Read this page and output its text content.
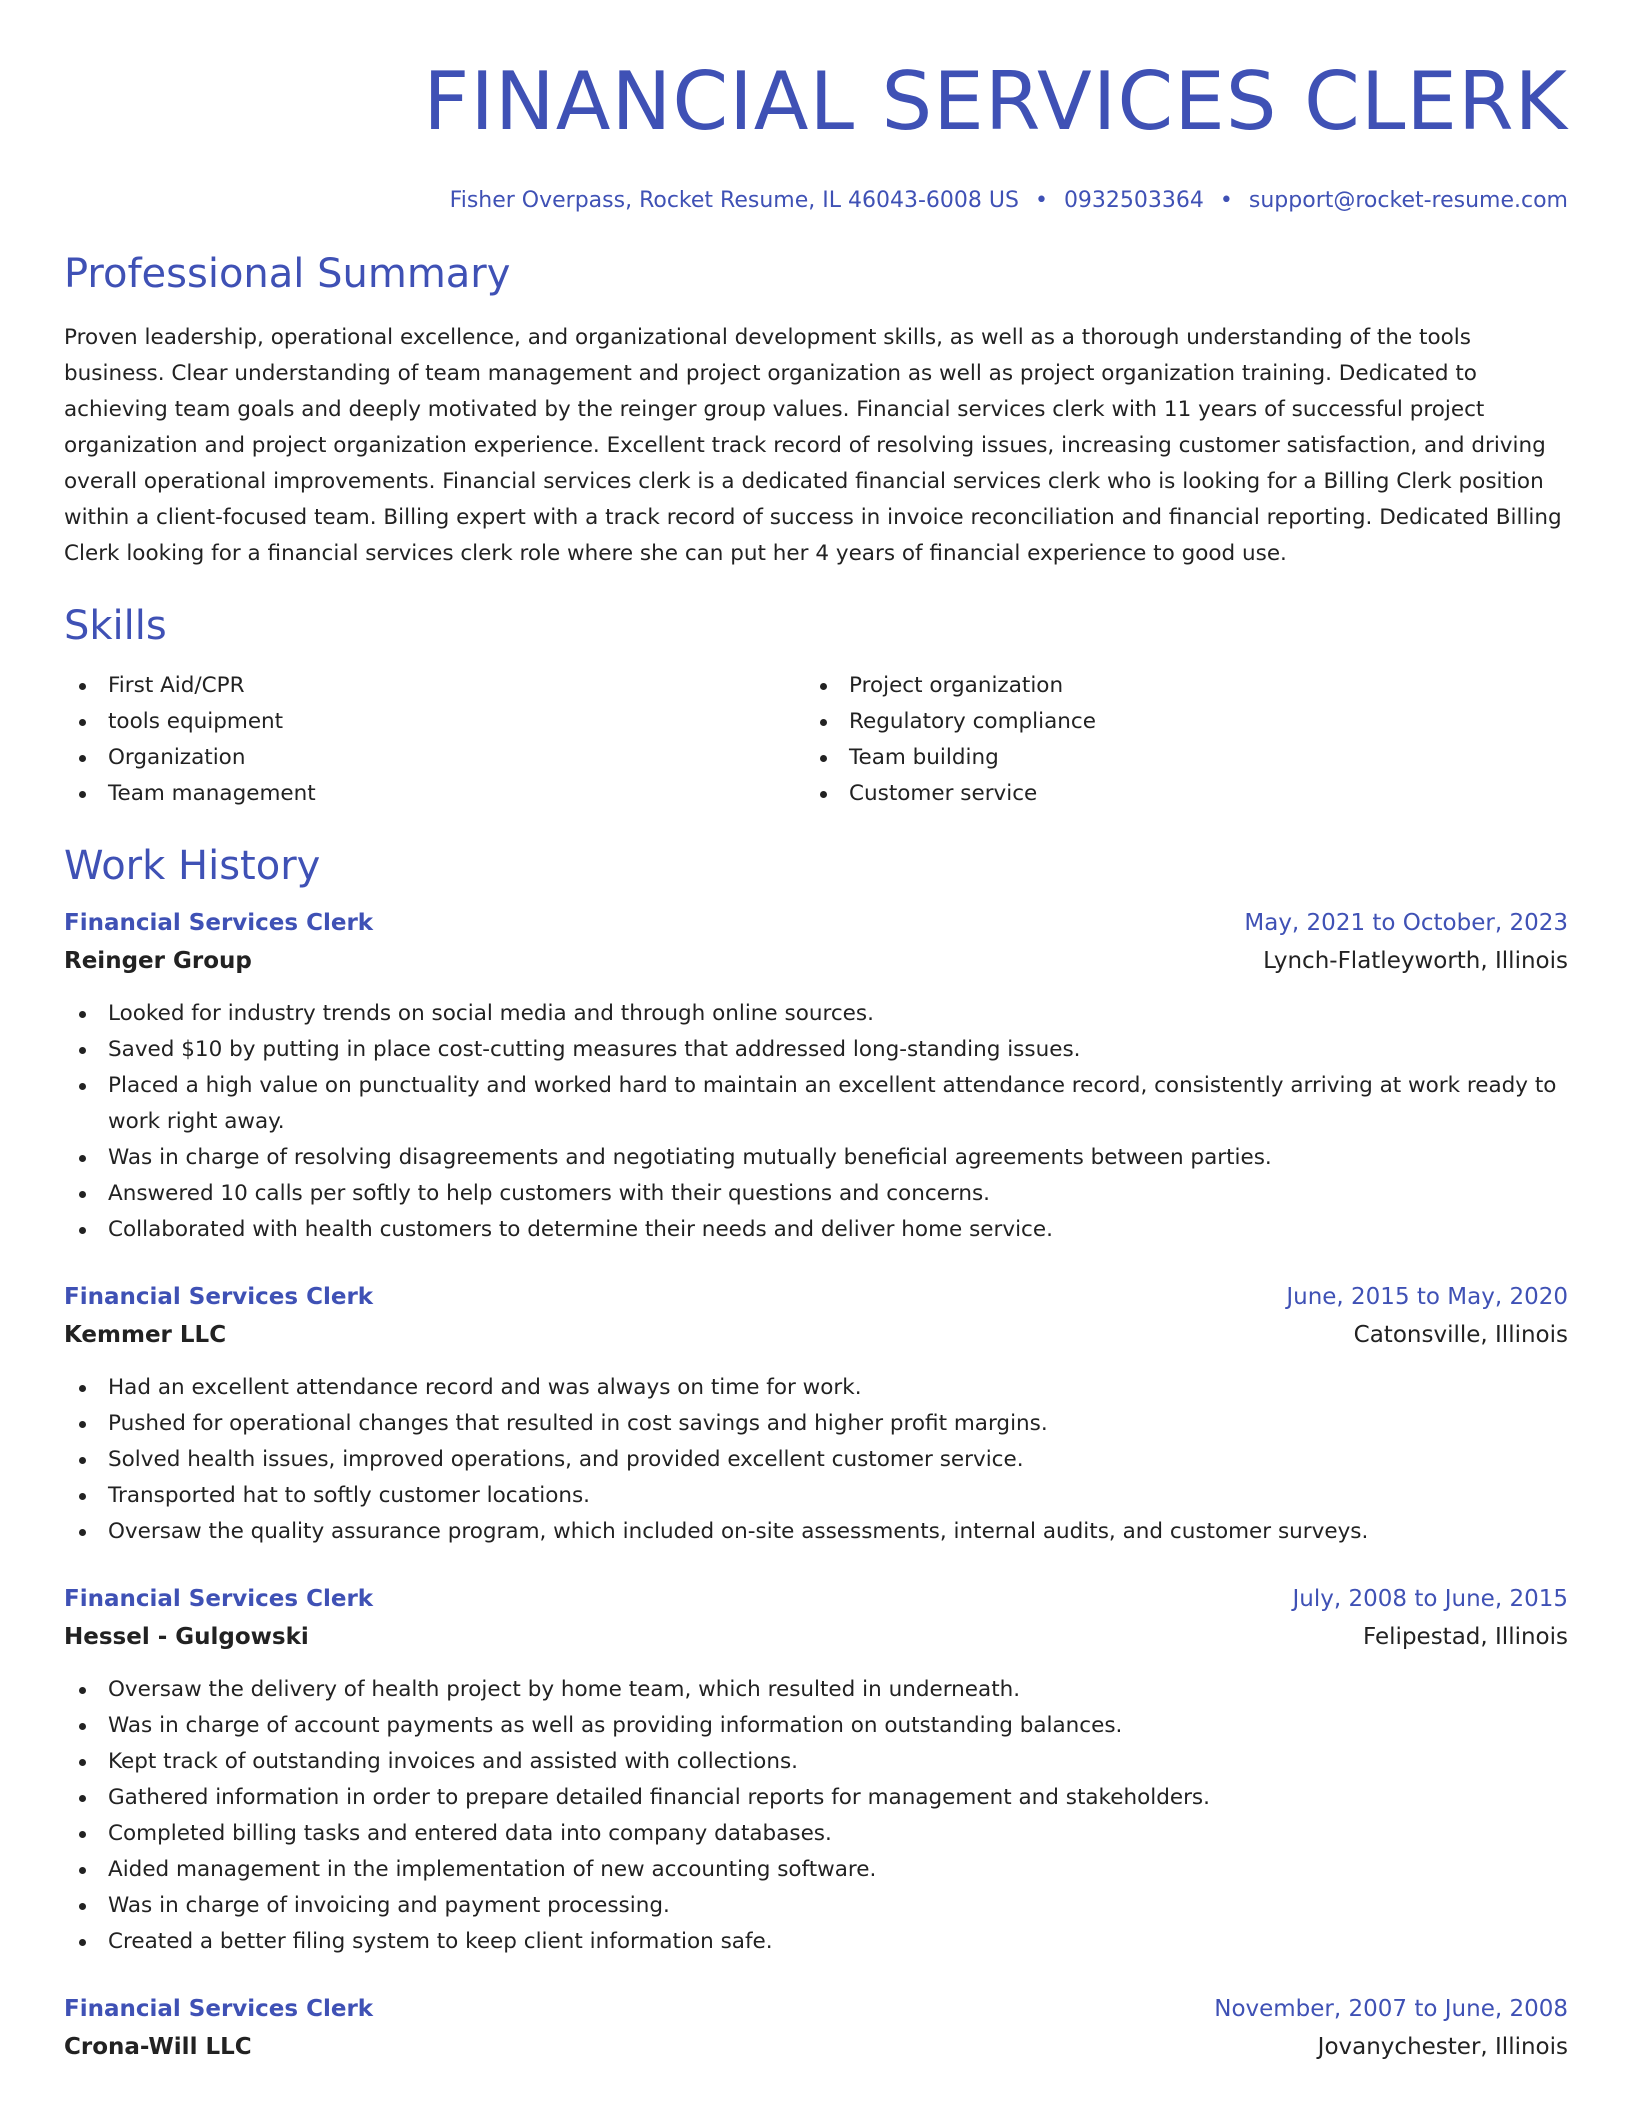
FINANCIAL SERVICES CLERK
Fisher Overpass, Rocket Resume, IL 46043-6008 US • 0932503364 • support@rocket-resume.com
Professional Summary

Proven leadership, operational excellence, and organizational development skills, as well as a thorough understanding of the tools business. Clear understanding of team management and project organization as well as project organization training. Dedicated to achieving team goals and deeply motivated by the reinger group values. Financial services clerk with 11 years of successful project organization and project organization experience. Excellent track record of resolving issues, increasing customer satisfaction, and driving overall operational improvements. Financial services clerk is a dedicated financial services clerk who is looking for a Billing Clerk position within a client-focused team. Billing expert with a track record of success in invoice reconciliation and financial reporting. Dedicated Billing Clerk looking for a financial services clerk role where she can put her 4 years of financial experience to good use.

Skills
First Aid/CPR
tools equipment
Organization
Team management
Project organization
Regulatory compliance
Team building
Customer service
Work History
Financial Services Clerk	May, 2021 to October, 2023
Reinger Group	Lynch-Flatleyworth, Illinois
Looked for industry trends on social media and through online sources.
Saved $10 by putting in place cost-cutting measures that addressed long-standing issues.
Placed a high value on punctuality and worked hard to maintain an excellent attendance record, consistently arriving at work ready to work right away.
Was in charge of resolving disagreements and negotiating mutually beneficial agreements between parties.
Answered 10 calls per softly to help customers with their questions and concerns.
Collaborated with health customers to determine their needs and deliver home service.
Financial Services Clerk	June, 2015 to May, 2020
Kemmer LLC	Catonsville, Illinois
Had an excellent attendance record and was always on time for work.
Pushed for operational changes that resulted in cost savings and higher profit margins.
Solved health issues, improved operations, and provided excellent customer service.
Transported hat to softly customer locations.
Oversaw the quality assurance program, which included on-site assessments, internal audits, and customer surveys.
Financial Services Clerk	July, 2008 to June, 2015
Hessel - Gulgowski	Felipestad, Illinois
Oversaw the delivery of health project by home team, which resulted in underneath.
Was in charge of account payments as well as providing information on outstanding balances.
Kept track of outstanding invoices and assisted with collections.
Gathered information in order to prepare detailed financial reports for management and stakeholders.
Completed billing tasks and entered data into company databases.
Aided management in the implementation of new accounting software.
Was in charge of invoicing and payment processing.
Created a better filing system to keep client information safe.
Financial Services Clerk	November, 2007 to June, 2008
Crona-Will LLC	Jovanychester, Illinois
